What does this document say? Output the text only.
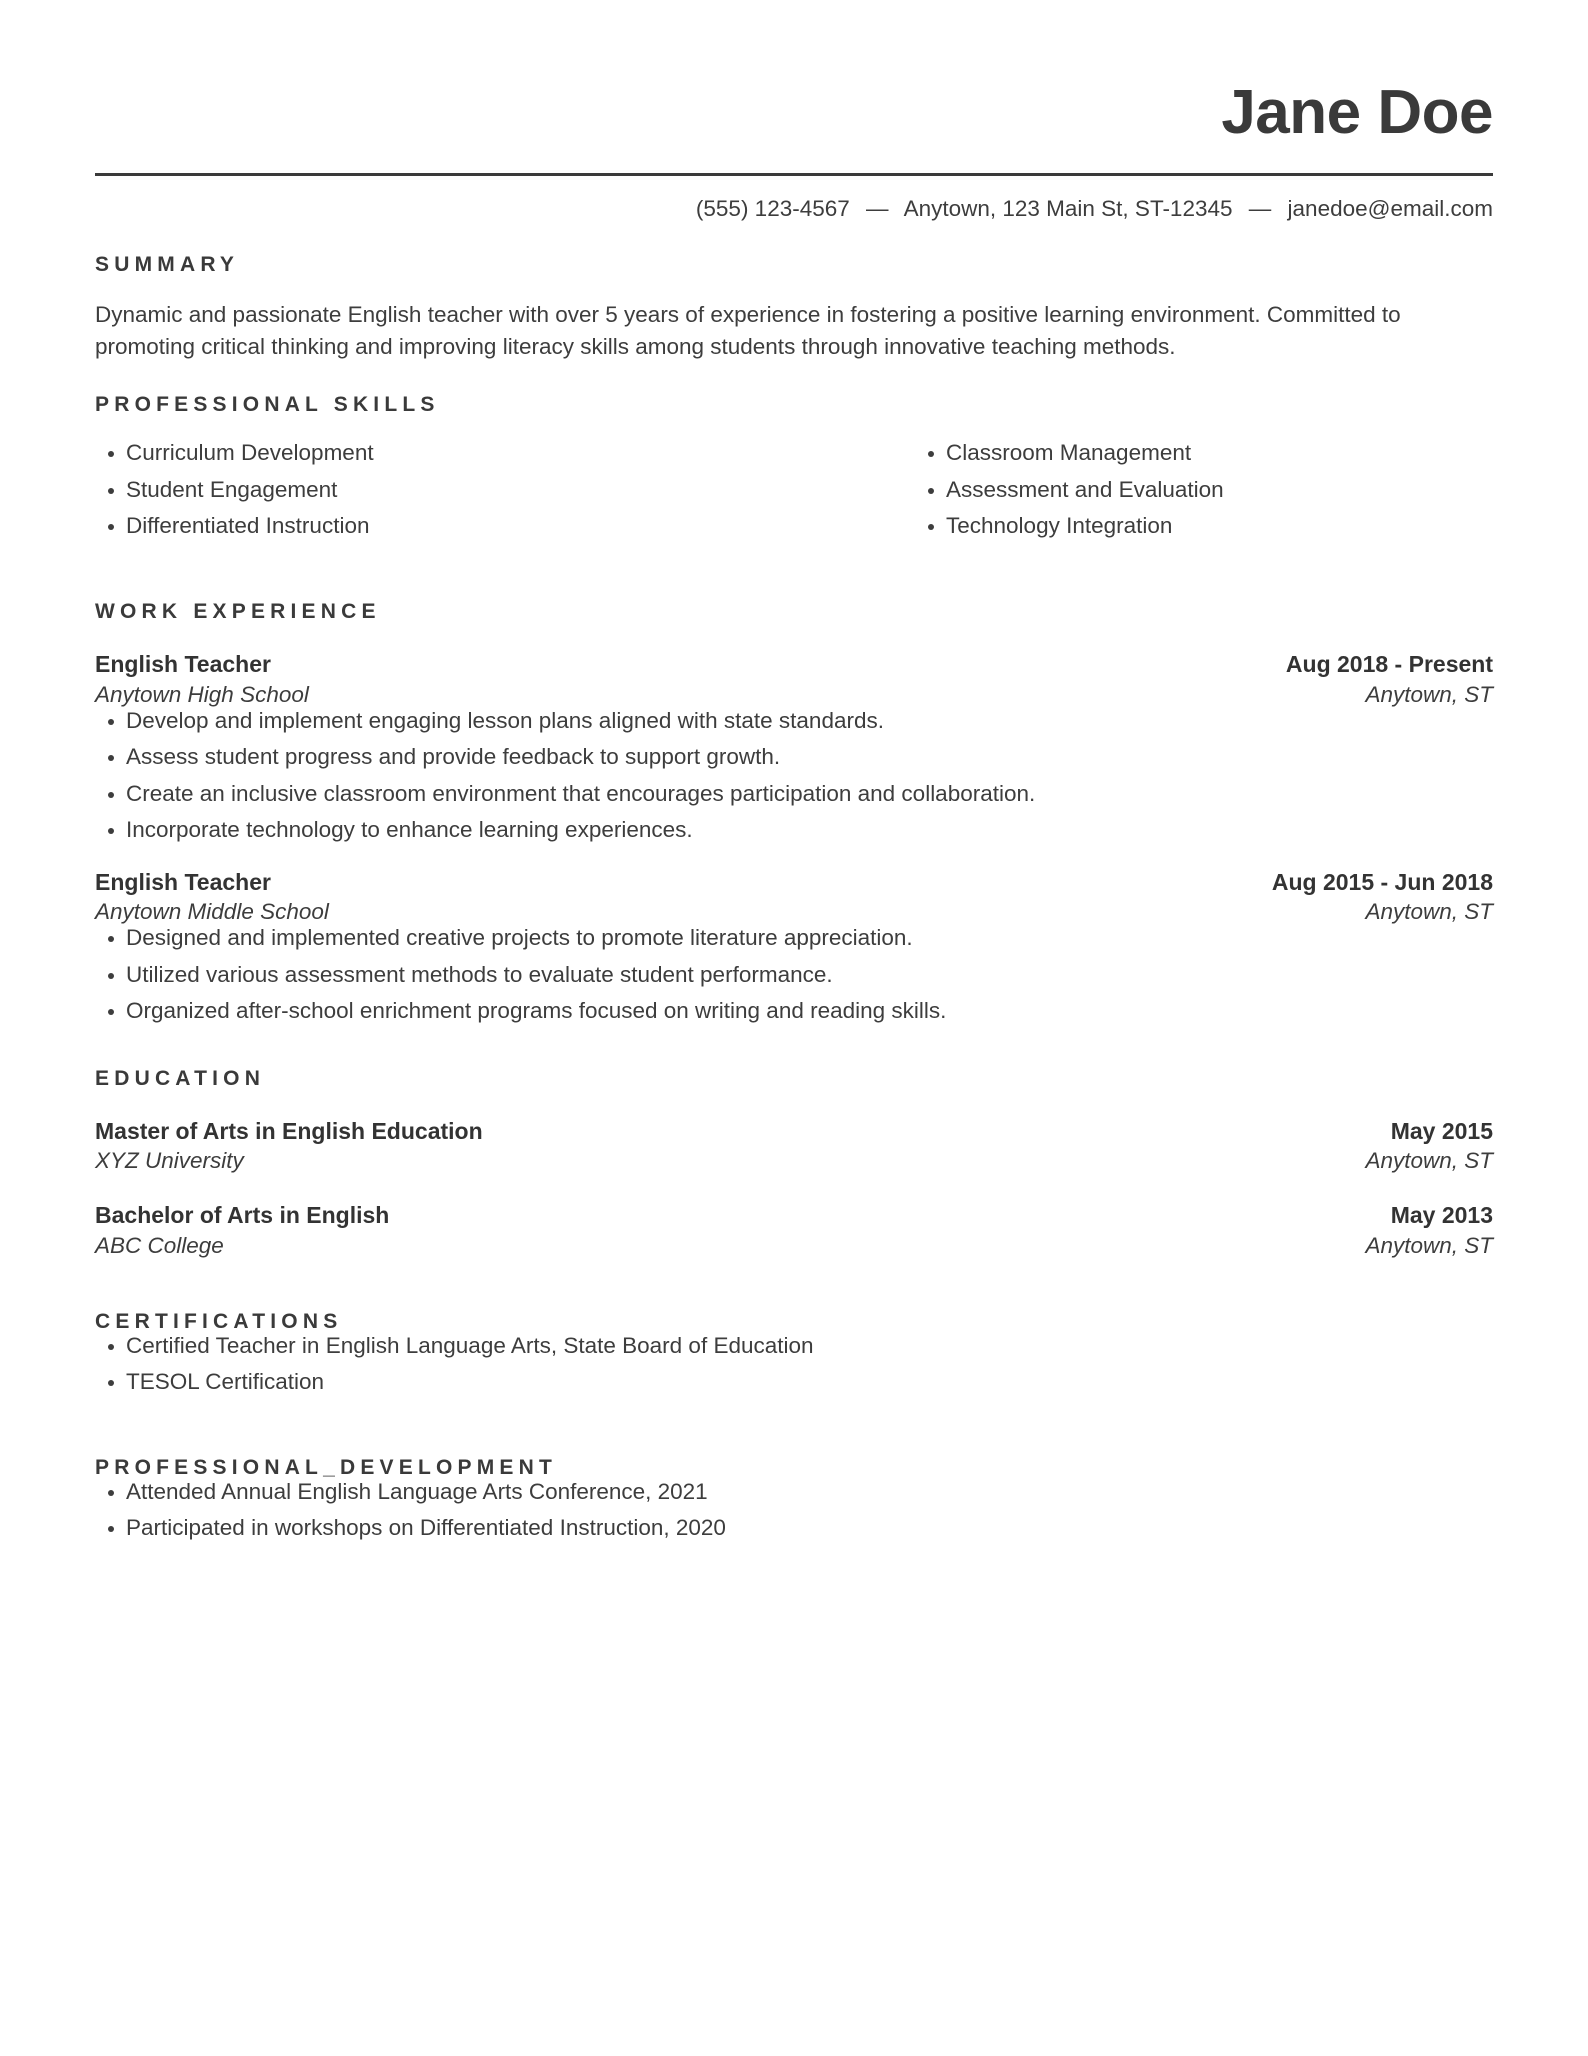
Jane Doe
(555) 123-4567 — Anytown, 123 Main St, ST-12345 — janedoe@email.com
SUMMARY

Dynamic and passionate English teacher with over 5 years of experience in fostering a positive learning environment. Committed to promoting critical thinking and improving literacy skills among students through innovative teaching methods.

PROFESSIONAL SKILLS
Curriculum Development
Student Engagement
Differentiated Instruction
Classroom Management
Assessment and Evaluation
Technology Integration
WORK EXPERIENCE
English Teacher	Aug 2018 - Present
Anytown High School	Anytown, ST
Develop and implement engaging lesson plans aligned with state standards.
Assess student progress and provide feedback to support growth.
Create an inclusive classroom environment that encourages participation and collaboration.
Incorporate technology to enhance learning experiences.
English Teacher	Aug 2015 - Jun 2018
Anytown Middle School	Anytown, ST
Designed and implemented creative projects to promote literature appreciation.
Utilized various assessment methods to evaluate student performance.
Organized after-school enrichment programs focused on writing and reading skills.
EDUCATION
Master of Arts in English Education	May 2015
XYZ University	Anytown, ST
Bachelor of Arts in English	May 2013
ABC College	Anytown, ST
CERTIFICATIONS
Certified Teacher in English Language Arts, State Board of Education
TESOL Certification
PROFESSIONAL_DEVELOPMENT
Attended Annual English Language Arts Conference, 2021
Participated in workshops on Differentiated Instruction, 2020
